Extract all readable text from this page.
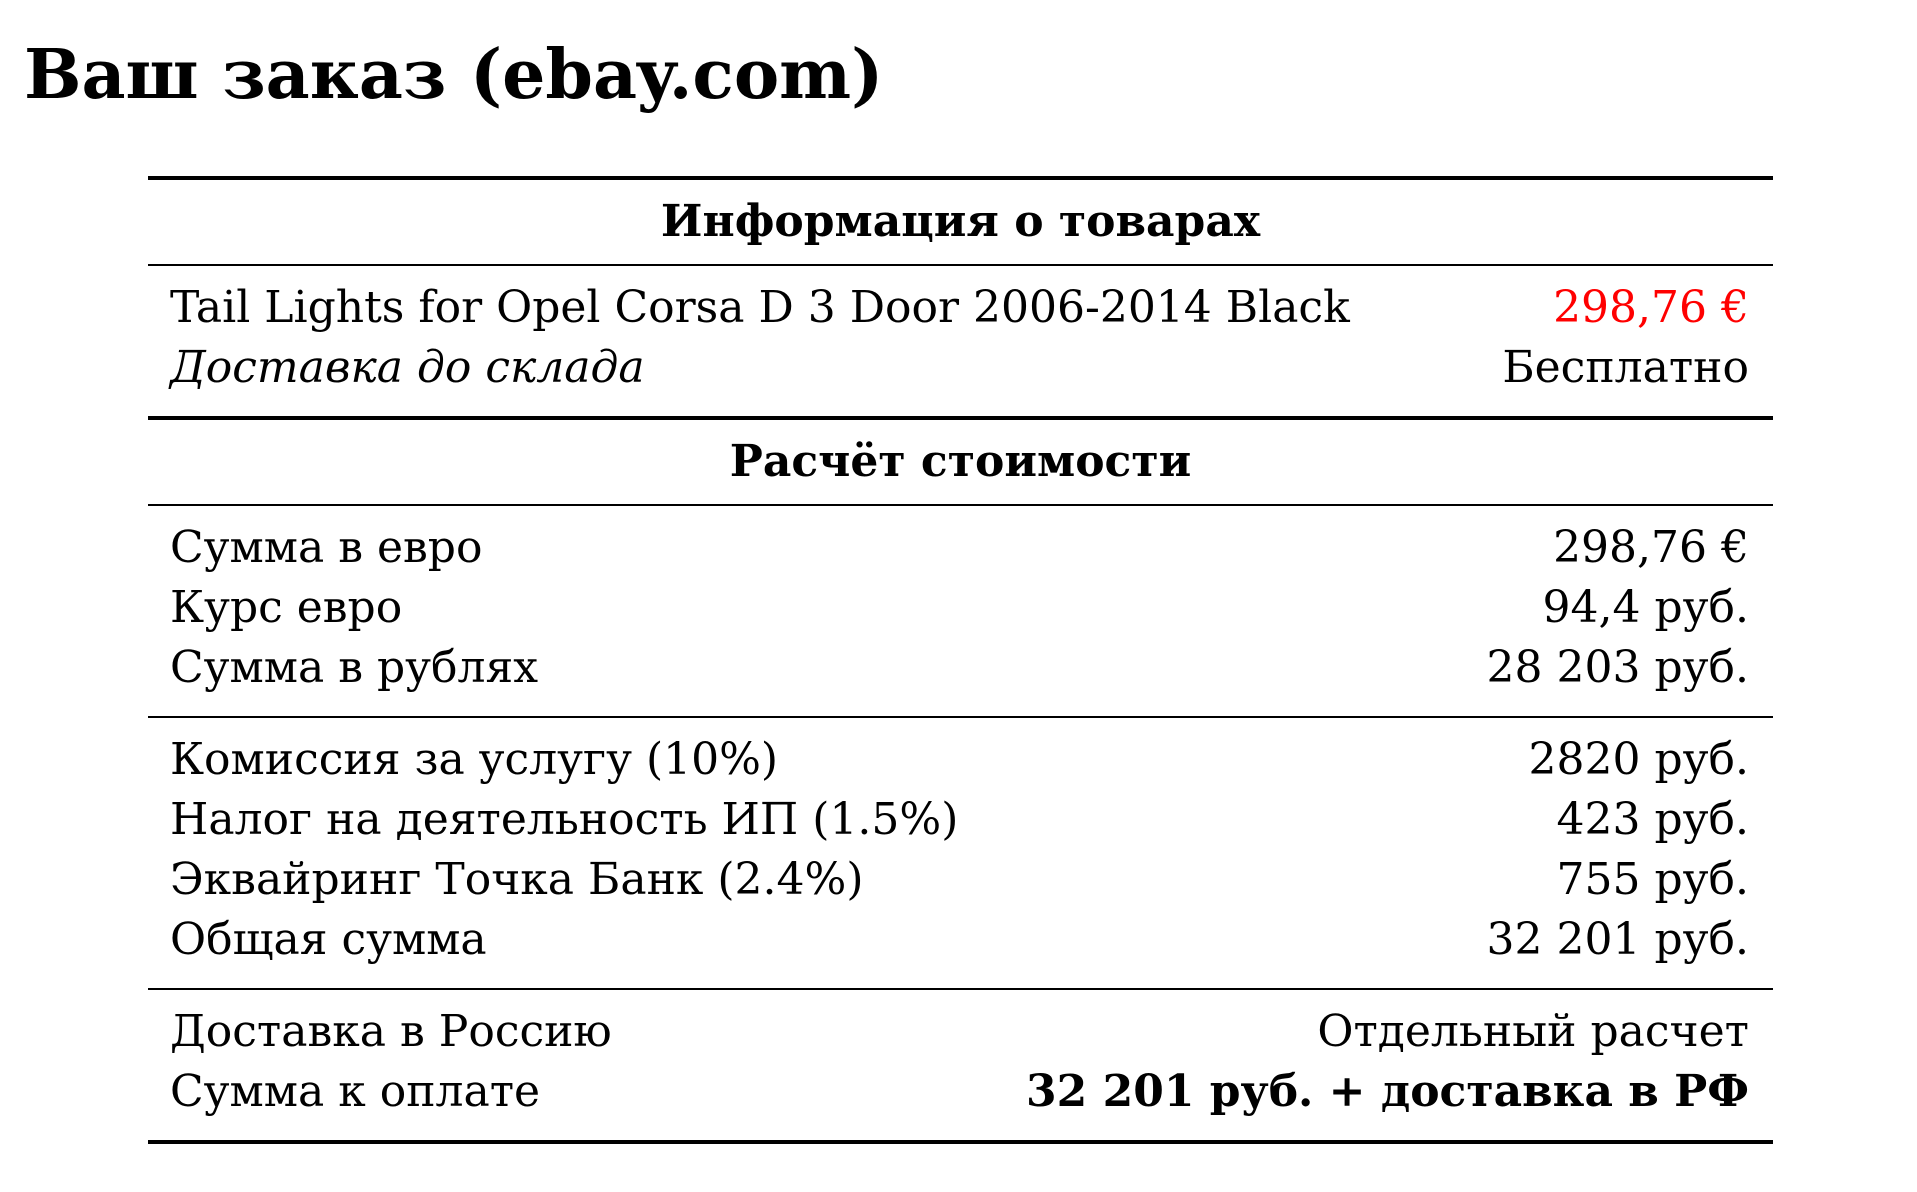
Ваш заказ (ebay.com)
Информация о товарах
Tail Lights for Opel Corsa D 3 Door 2006-2014 Black	298,76 €
Доставка до склада	Бесплатно
Расчёт стоимости
Сумма в евро	298,76 €
Курс евро	94,4 руб.
Сумма в рублях	28 203 руб.
Комиссия за услугу (10%)	2820 руб.
Налог на деятельность ИП (1.5%)	423 руб.
Эквайринг Точка Банк (2.4%)	755 руб.
Общая сумма	32 201 руб.
Доставка в Россию	Отдельный расчет
Сумма к оплате	32 201 руб. + доставка в РФ
